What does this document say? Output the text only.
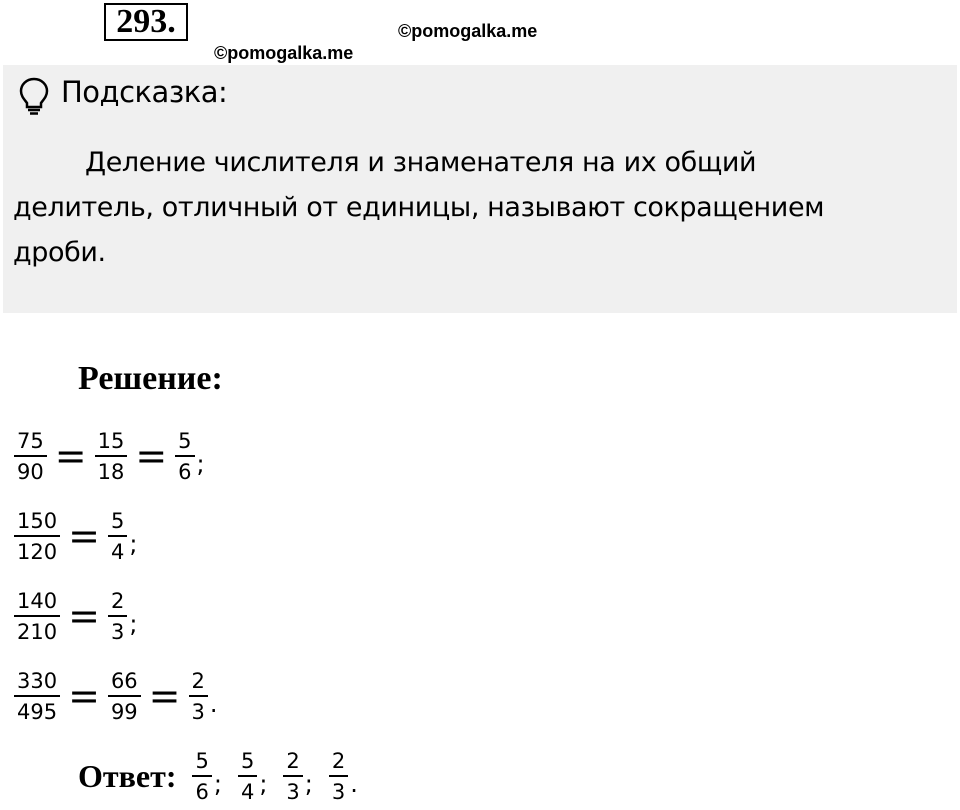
293.	©pomogalka.me
©pomogalka.me
Подсказка:
Деление числителя и знаменателя на их общий
делитель, отличный от единицы, называют сокращением
дроби.
Решение:
$\frac{75}{90} = \frac{15}{18} = \frac{5}{6}$ ;
$\frac{150}{120} = \frac{5}{4}$ ;
$\frac{140}{210} = \frac{2}{3}$ ;
$\frac{330}{495} = \frac{66}{99} = \frac{2}{3}$ .
Ответ: $\frac{5}{6}$ ; $\frac{5}{4}$ ; $\frac{2}{3}$ ; $\frac{2}{3}$ .
